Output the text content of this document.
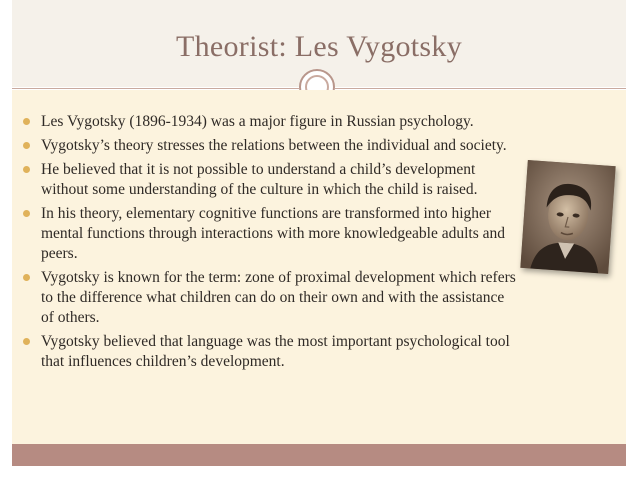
Theorist: Les Vygotsky
Les Vygotsky (1896-1934) was a major figure in Russian psychology.
Vygotsky’s theory stresses the relations between the individual and society.
He believed that it is not possible to understand a child’s development without some understanding of the culture in which the child is raised.
In his theory, elementary cognitive functions are transformed into higher mental functions through interactions with more knowledgeable adults and peers.
Vygotsky is known for the term: zone of proximal development which refers to the difference what children can do on their own and with the assistance of others.
Vygotsky believed that language was the most important psychological tool that influences children’s development.
